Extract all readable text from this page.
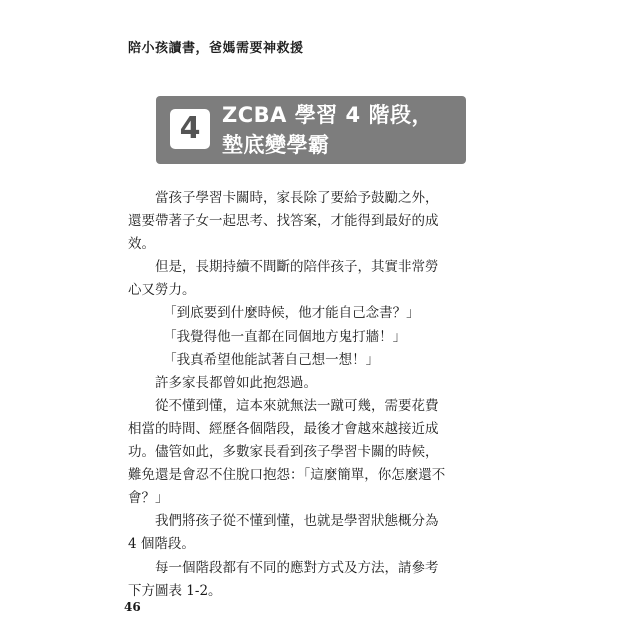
陪小孩讀書，爸媽需要神救援
4	ZCBA 學習 4 階段，
墊底變學霸

當孩子學習卡關時，家長除了要給予鼓勵之外，還要帶著子女一起思考、找答案，才能得到最好的成效。

但是，長期持續不間斷的陪伴孩子，其實非常勞心又勞力。

「到底要到什麼時候，他才能自己念書？」

「我覺得他一直都在同個地方鬼打牆！」

「我真希望他能試著自己想一想！」

許多家長都曾如此抱怨過。

從不懂到懂，這本來就無法一蹴可幾，需要花費相當的時間、經歷各個階段，最後才會越來越接近成功。儘管如此，多數家長看到孩子學習卡關的時候，難免還是會忍不住脫口抱怨：「這麼簡單，你怎麼還不會？」

我們將孩子從不懂到懂，也就是學習狀態概分為 4 個階段。

每一個階段都有不同的應對方式及方法，請參考下方圖表 1-2。

46
